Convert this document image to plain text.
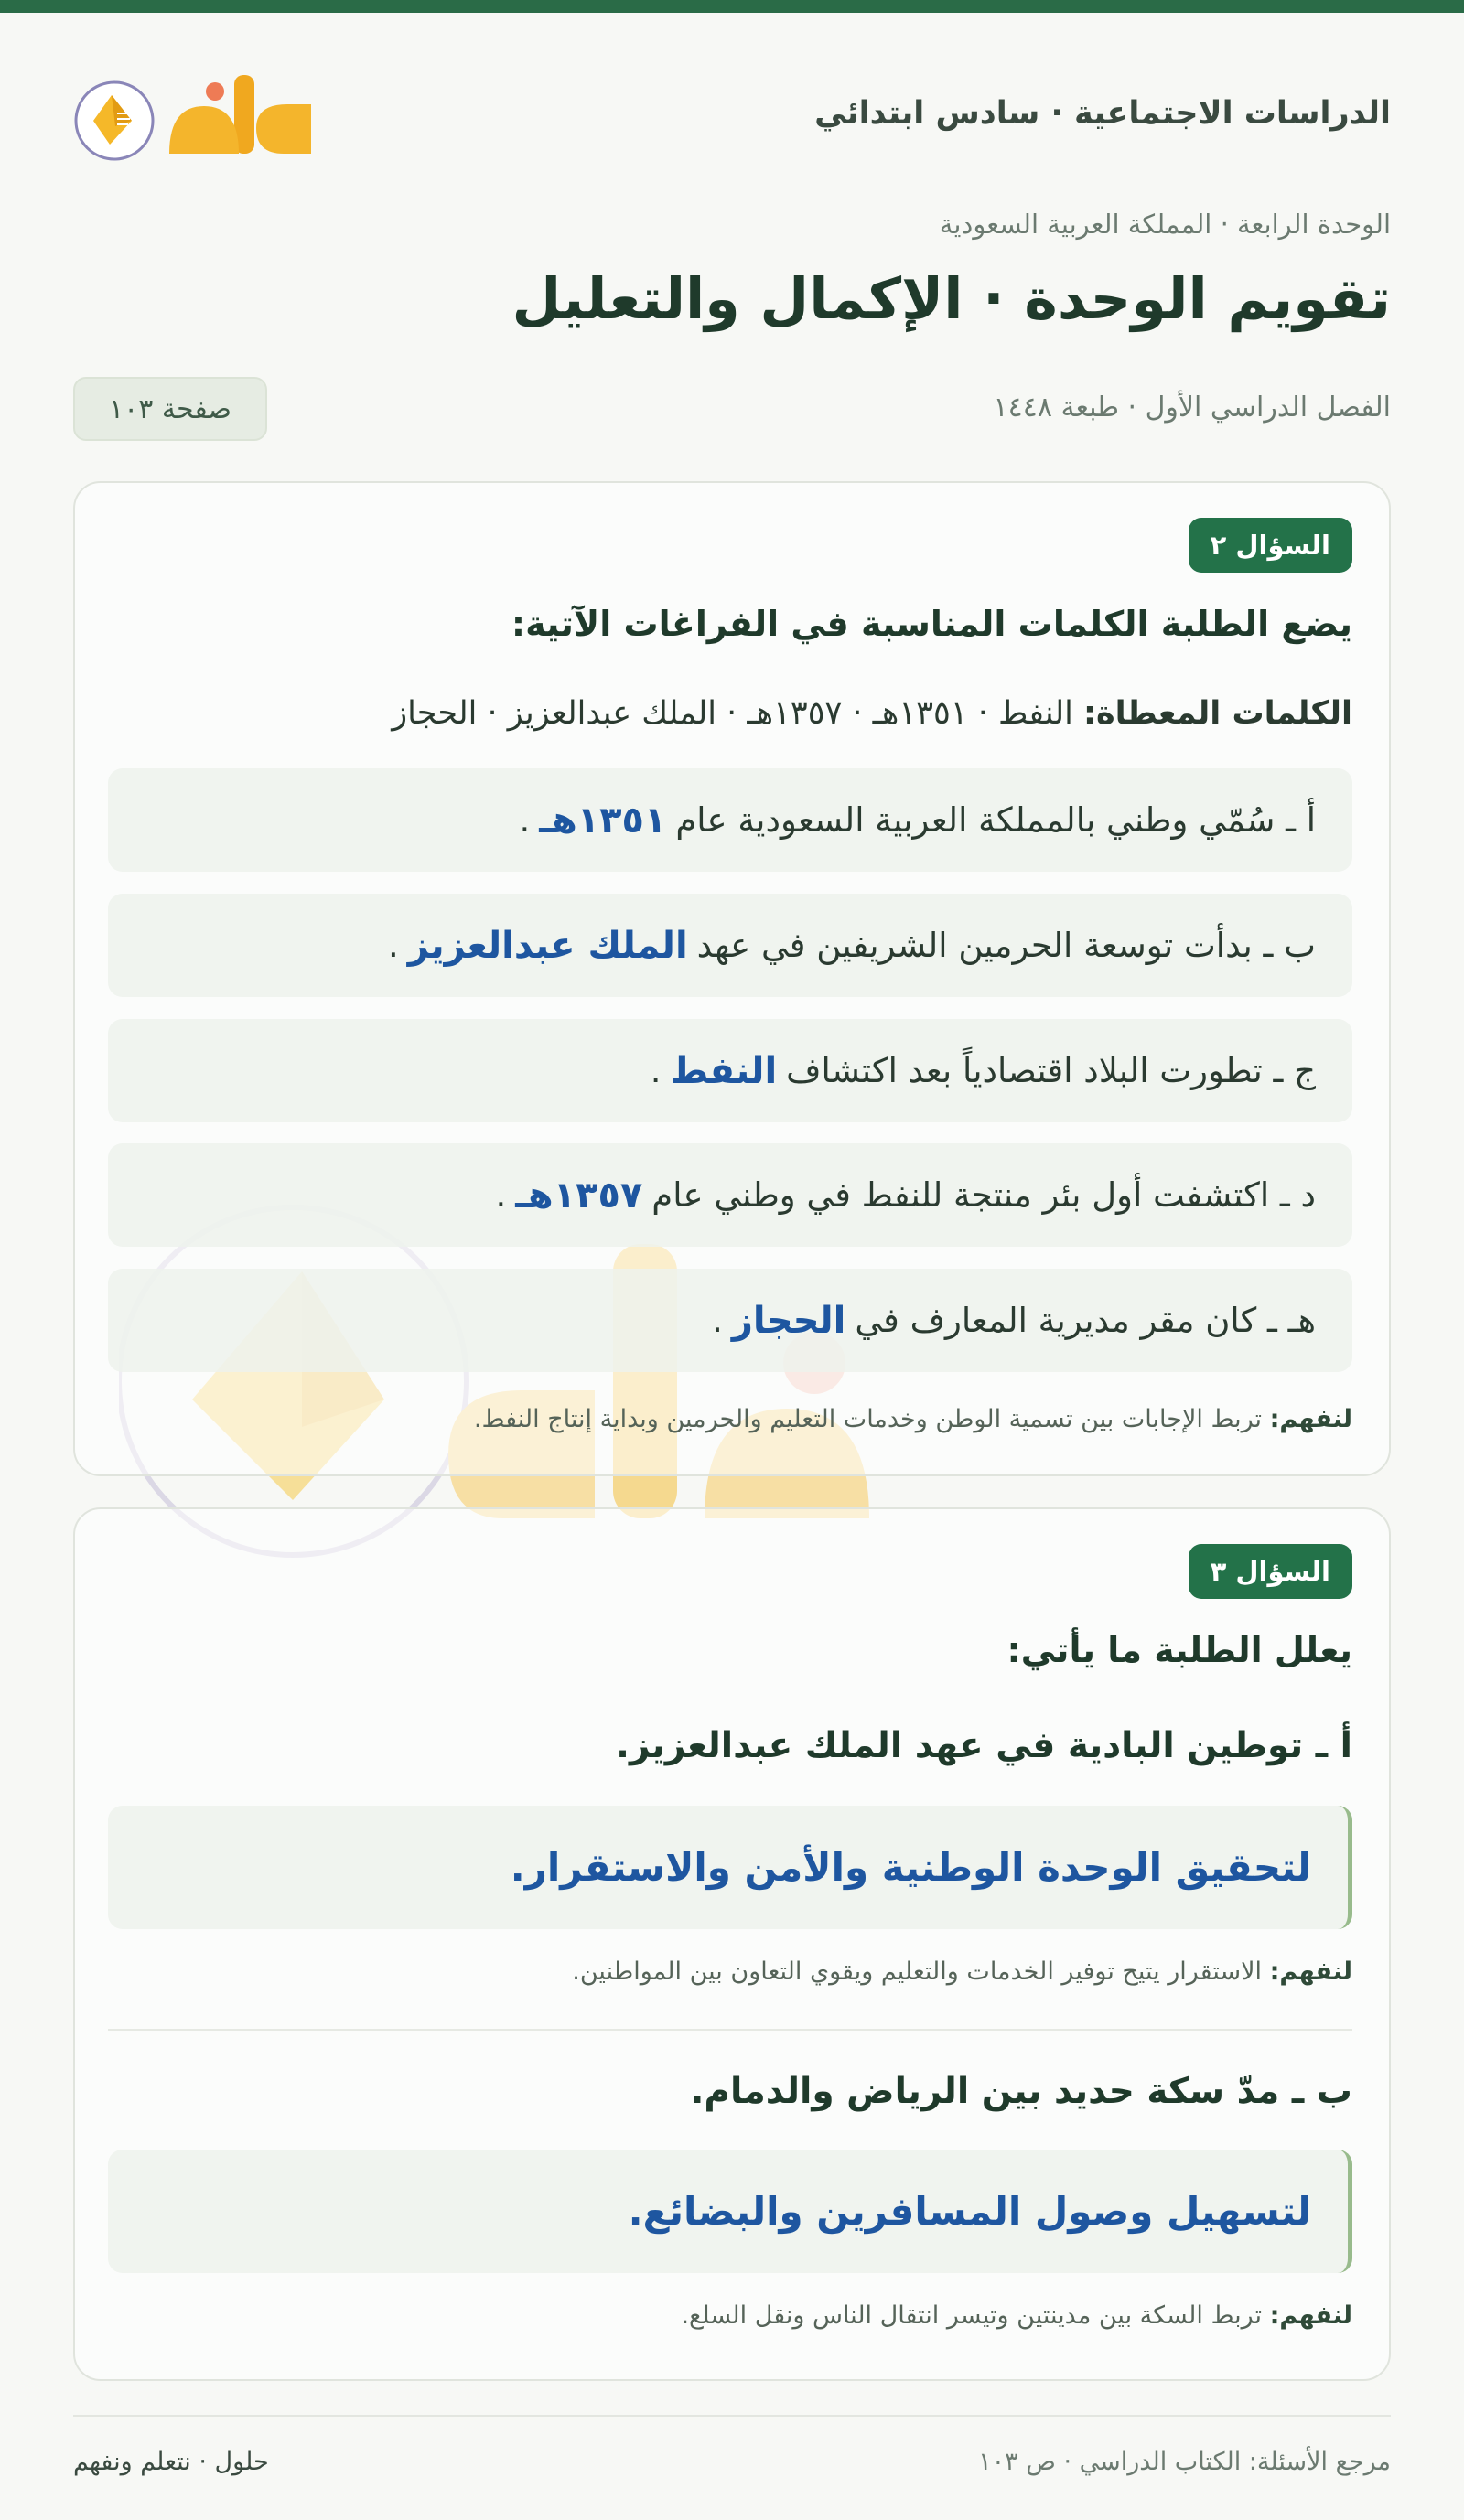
الدراسات الاجتماعية · سادس ابتدائي
الوحدة الرابعة · المملكة العربية السعودية
تقويم الوحدة · الإكمال والتعليل
الفصل الدراسي الأول · طبعة ١٤٤٨
صفحة ١٠٣
السؤال ٢
يضع الطلبة الكلمات المناسبة في الفراغات الآتية:
الكلمات المعطاة: النفط · ١٣٥١هـ · ١٣٥٧هـ · الملك عبدالعزيز · الحجاز
أ ـ سُمّي وطني بالمملكة العربية السعودية عام
١٣٥١هـ
.
ب ـ بدأت توسعة الحرمين الشريفين في عهد
الملك عبدالعزيز
.
ج ـ تطورت البلاد اقتصادياً بعد اكتشاف
النفط
.
د ـ اكتشفت أول بئر منتجة للنفط في وطني عام
١٣٥٧هـ
.
هـ ـ كان مقر مديرية المعارف في
الحجاز
.
لنفهم: تربط الإجابات بين تسمية الوطن وخدمات التعليم والحرمين وبداية إنتاج النفط.
السؤال ٣
يعلل الطلبة ما يأتي:
أ ـ توطين البادية في عهد الملك عبدالعزيز.
لتحقيق الوحدة الوطنية والأمن والاستقرار.
لنفهم: الاستقرار يتيح توفير الخدمات والتعليم ويقوي التعاون بين المواطنين.
ب ـ مدّ سكة حديد بين الرياض والدمام.
لتسهيل وصول المسافرين والبضائع.
لنفهم: تربط السكة بين مدينتين وتيسر انتقال الناس ونقل السلع.
مرجع الأسئلة: الكتاب الدراسي · ص ١٠٣
حلول · نتعلم ونفهم
